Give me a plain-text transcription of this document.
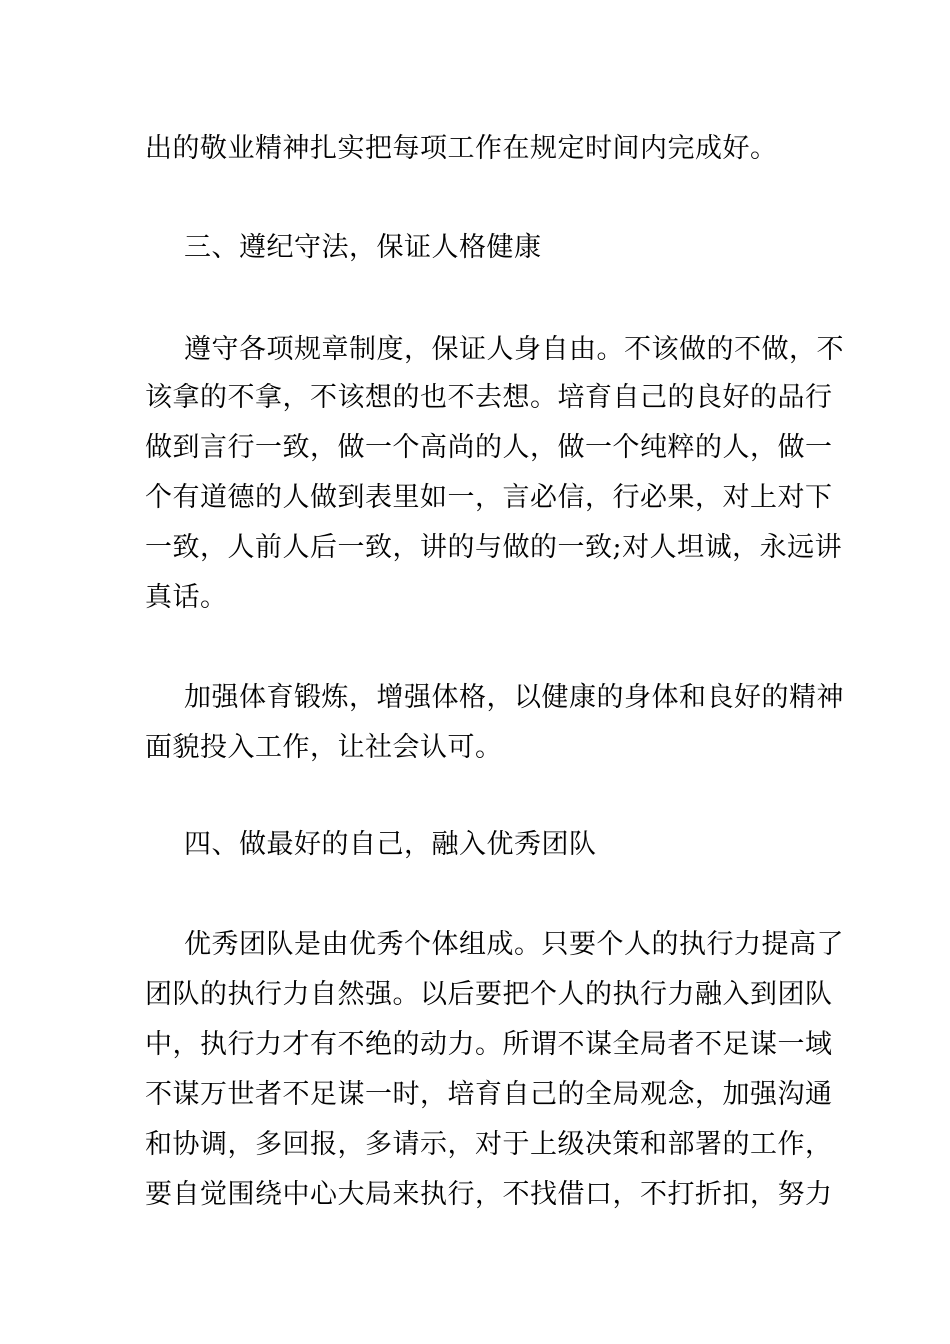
出的敬业精神扎实把每项工作在规定时间内完成好。
三、遵纪守法，保证人格健康
遵守各项规章制度，保证人身自由。不该做的不做，不
该拿的不拿，不该想的也不去想。培育自己的良好的品行
做到言行一致，做一个高尚的人，做一个纯粹的人，做一
个有道德的人做到表里如一，言必信，行必果，对上对下
一致，人前人后一致，讲的与做的一致;对人坦诚，永远讲
真话。
加强体育锻炼，增强体格，以健康的身体和良好的精神
面貌投入工作，让社会认可。
四、做最好的自己，融入优秀团队
优秀团队是由优秀个体组成。只要个人的执行力提高了
团队的执行力自然强。以后要把个人的执行力融入到团队
中，执行力才有不绝的动力。所谓不谋全局者不足谋一域
不谋万世者不足谋一时，培育自己的全局观念，加强沟通
和协调，多回报，多请示，对于上级决策和部署的工作，
要自觉围绕中心大局来执行，不找借口，不打折扣，努力
